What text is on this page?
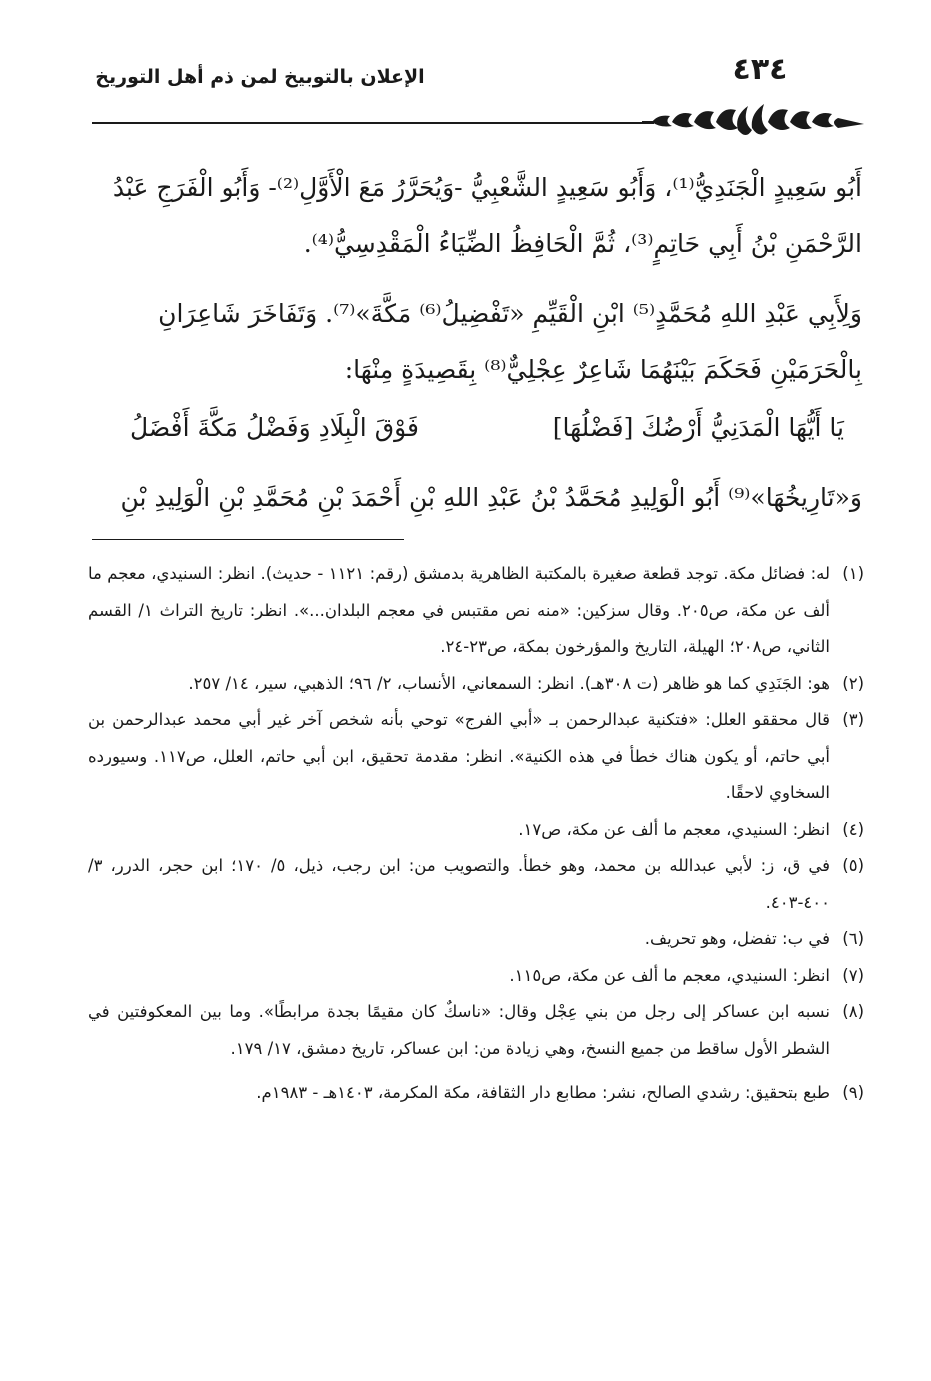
٤٣٤
الإعلان بالتوبيخ لمن ذم أهل التوريخ

أَبُو سَعِيدٍ الْجَنَدِيُّ⁽¹⁾، وَأَبُو سَعِيدٍ الشَّعْبِيُّ -وَيُحَرَّرُ مَعَ الْأَوَّلِ⁽²⁾- وَأَبُو الْفَرَجِ عَبْدُ

الرَّحْمَنِ بْنُ أَبِي حَاتِمٍ⁽³⁾، ثُمَّ الْحَافِظُ الضِّيَاءُ الْمَقْدِسِيُّ⁽⁴⁾.

وَلِأَبِي عَبْدِ اللهِ مُحَمَّدٍ⁽⁵⁾ ابْنِ الْقَيِّمِ «تَفْضِيلُ⁽⁶⁾ مَكَّةَ»⁽⁷⁾. وَتَفَاخَرَ شَاعِرَانِ

بِالْحَرَمَيْنِ فَحَكَمَ بَيْنَهُمَا شَاعِرٌ عِجْلِيٌّ⁽⁸⁾ بِقَصِيدَةٍ مِنْهَا:

يَا أَيُّهَا الْمَدَنِيُّ أَرْضُكَ [فَضْلُهَا]
فَوْقَ الْبِلَادِ وَفَضْلُ مَكَّةَ أَفْضَلُ

وَ«تَارِيخُهَا»⁽⁹⁾ أَبُو الْوَلِيدِ مُحَمَّدُ بْنُ عَبْدِ اللهِ بْنِ أَحْمَدَ بْنِ مُحَمَّدِ بْنِ الْوَلِيدِ بْنِ

(١)
له: فضائل مكة. توجد قطعة صغيرة بالمكتبة الظاهرية بدمشق (رقم: ١١٢١ - حديث). انظر: السنيدي، معجم ما ألف عن مكة، ص٢٠٥. وقال سزكين: «منه نص مقتبس في معجم البلدان...». انظر: تاريخ التراث ١/ القسم الثاني، ص٢٠٨؛ الهيلة، التاريخ والمؤرخون بمكة، ص٢٣-٢٤.
(٢)
هو: الجَنَدِي كما هو ظاهر (ت ٣٠٨هـ). انظر: السمعاني، الأنساب، ٢/ ٩٦؛ الذهبي، سير، ١٤/ ٢٥٧.
(٣)
قال محققو العلل: «فتكنية عبدالرحمن بـ «أبي الفرج» توحي بأنه شخص آخر غير أبي محمد عبدالرحمن بن أبي حاتم، أو يكون هناك خطأ في هذه الكنية». انظر: مقدمة تحقيق، ابن أبي حاتم، العلل، ص١١٧. وسيورده السخاوي لاحقًا.
(٤)
انظر: السنيدي، معجم ما ألف عن مكة، ص١٧.
(٥)
في ق، ز: لأبي عبدالله بن محمد، وهو خطأ. والتصويب من: ابن رجب، ذيل، ٥/ ١٧٠؛ ابن حجر، الدرر، ٣/ ٤٠٠-٤٠٣.
(٦)
في ب: تفضل، وهو تحريف.
(٧)
انظر: السنيدي، معجم ما ألف عن مكة، ص١١٥.
(٨)
نسبه ابن عساكر إلى رجل من بني عِجْل وقال: «ناسكٌ كان مقيمًا بجدة مرابطًا». وما بين المعكوفتين في الشطر الأول ساقط من جميع النسخ، وهي زيادة من: ابن عساكر، تاريخ دمشق، ١٧/ ١٧٩.
(٩)
طبع بتحقيق: رشدي الصالح، نشر: مطابع دار الثقافة، مكة المكرمة، ١٤٠٣هـ - ١٩٨٣م.
